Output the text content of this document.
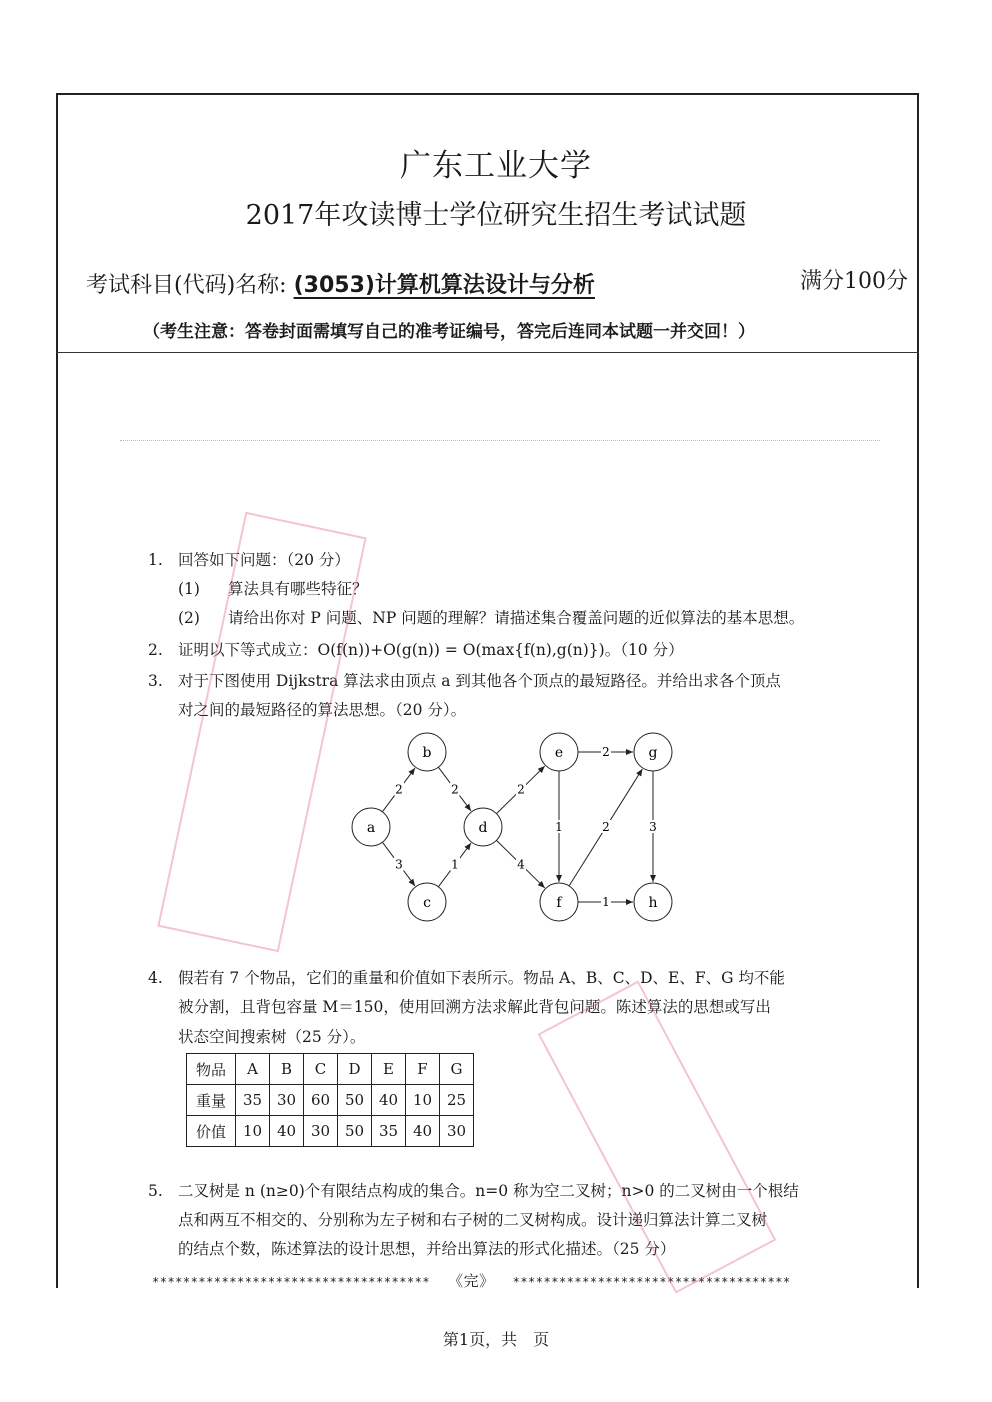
广东工业大学
2017年攻读博士学位研究生招生考试试题
考试科目(代码)名称: (3053)计算机算法设计与分析	满分100分
（考生注意：答卷封面需填写自己的准考证编号，答完后连同本试题一并交回！）
1. 回答如下问题：（20 分）
(1) 算法具有哪些特征？
(2) 请给出你对 P 问题、NP 问题的理解？请描述集合覆盖问题的近似算法的基本思想。
2. 证明以下等式成立：O(f(n))+O(g(n)) = O(max{f(n),g(n)})。（10 分）
3. 对于下图使用 Dijkstra 算法求由顶点 a 到其他各个顶点的最短路径。并给出求各个顶点
对之间的最短路径的算法思想。（20 分）。
2
3
2
1
2
4
2
1	2	3
1
a
b
c
d
e
f
g
h
4. 假若有 7 个物品，它们的重量和价值如下表所示。物品 A、B、C、D、E、F、G 均不能
被分割，且背包容量 M＝150，使用回溯方法求解此背包问题。陈述算法的思想或写出
状态空间搜索树（25 分）。
物品	A	B	C	D	E	F	G
重量	35	30	60	50	40	10	25
价值	10	40	30	50	35	40	30
5. 二叉树是 n (n≥0)个有限结点构成的集合。n=0 称为空二叉树；n>0 的二叉树由一个根结
点和两互不相交的、分别称为左子树和右子树的二叉树构成。设计递归算法计算二叉树
的结点个数，陈述算法的设计思想，并给出算法的形式化描述。（25 分）
************************************ 《完》 ************************************
第1页，共　页
